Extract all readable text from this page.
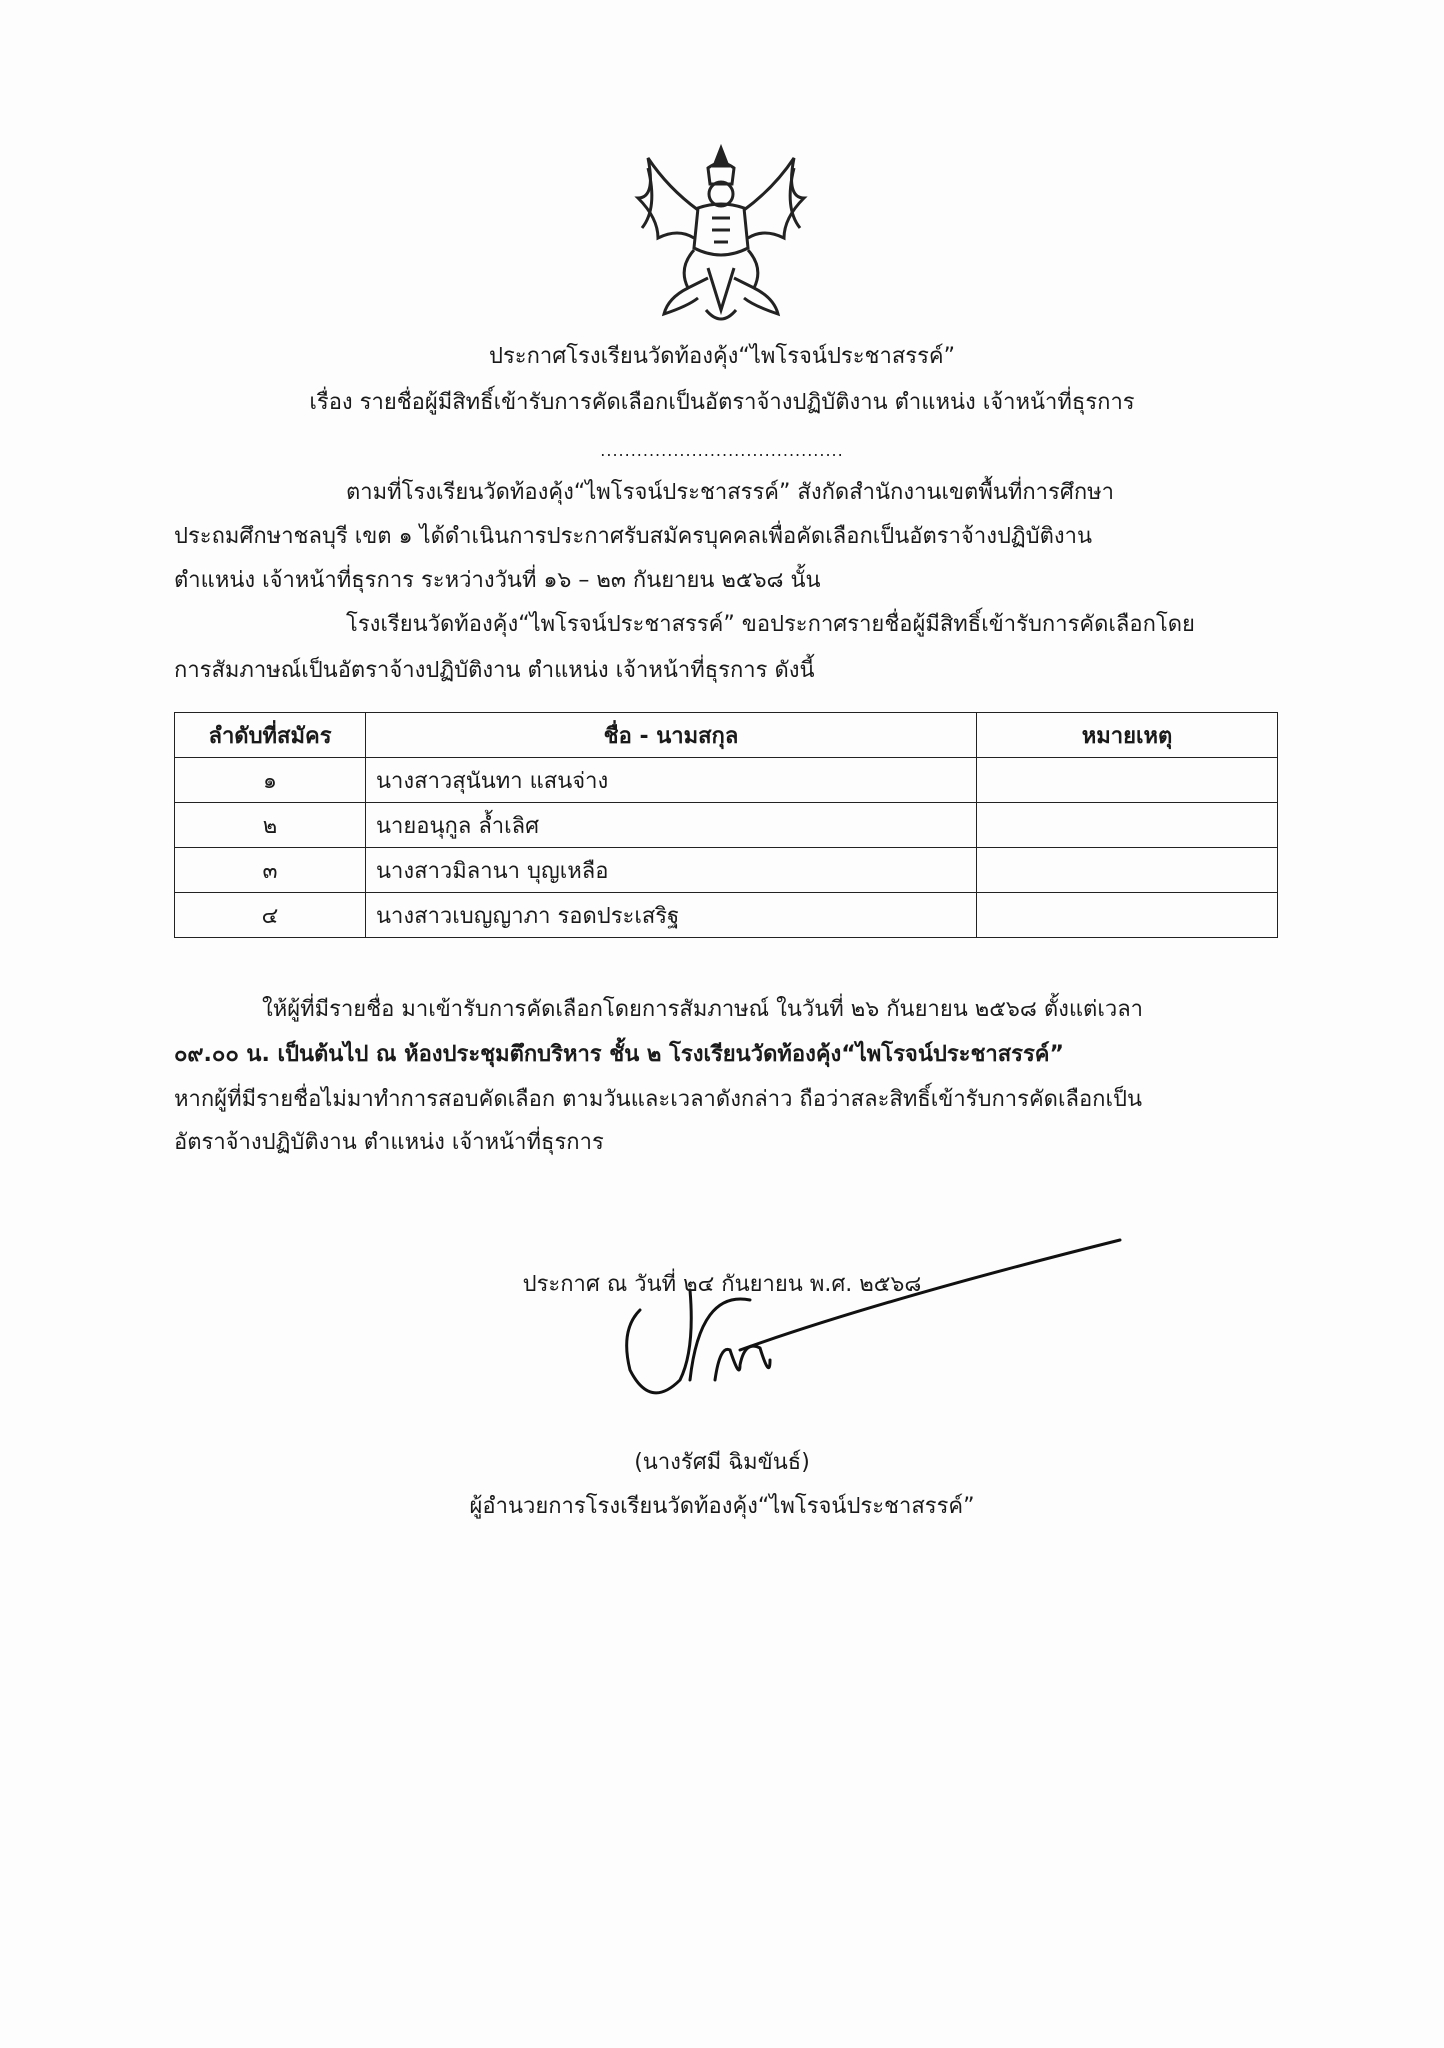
ประกาศโรงเรียนวัดท้องคุ้ง“ไพโรจน์ประชาสรรค์”
เรื่อง รายชื่อผู้มีสิทธิ์เข้ารับการคัดเลือกเป็นอัตราจ้างปฏิบัติงาน ตำแหน่ง เจ้าหน้าที่ธุรการ
........................................
ตามที่โรงเรียนวัดท้องคุ้ง“ไพโรจน์ประชาสรรค์” สังกัดสำนักงานเขตพื้นที่การศึกษา
ประถมศึกษาชลบุรี เขต ๑ ได้ดำเนินการประกาศรับสมัครบุคคลเพื่อคัดเลือกเป็นอัตราจ้างปฏิบัติงาน
ตำแหน่ง เจ้าหน้าที่ธุรการ ระหว่างวันที่ ๑๖ – ๒๓ กันยายน ๒๕๖๘ นั้น
โรงเรียนวัดท้องคุ้ง“ไพโรจน์ประชาสรรค์” ขอประกาศรายชื่อผู้มีสิทธิ์เข้ารับการคัดเลือกโดย
การสัมภาษณ์เป็นอัตราจ้างปฏิบัติงาน ตำแหน่ง เจ้าหน้าที่ธุรการ ดังนี้
ลำดับที่สมัคร	ชื่อ - นามสกุล	หมายเหตุ
๑	นางสาวสุนันทา แสนจ่าง	
๒	นายอนุกูล ล้ำเลิศ	
๓	นางสาวมิลานา บุญเหลือ	
๔	นางสาวเบญญาภา รอดประเสริฐ	
ให้ผู้ที่มีรายชื่อ มาเข้ารับการคัดเลือกโดยการสัมภาษณ์ ในวันที่ ๒๖ กันยายน ๒๕๖๘ ตั้งแต่เวลา
๐๙.๐๐ น. เป็นต้นไป ณ ห้องประชุมตึกบริหาร ชั้น ๒ โรงเรียนวัดท้องคุ้ง“ไพโรจน์ประชาสรรค์”
หากผู้ที่มีรายชื่อไม่มาทำการสอบคัดเลือก ตามวันและเวลาดังกล่าว ถือว่าสละสิทธิ์เข้ารับการคัดเลือกเป็น
อัตราจ้างปฏิบัติงาน ตำแหน่ง เจ้าหน้าที่ธุรการ
ประกาศ ณ วันที่ ๒๔ กันยายน พ.ศ. ๒๕๖๘
(นางรัศมี ฉิมขันธ์)
ผู้อำนวยการโรงเรียนวัดท้องคุ้ง“ไพโรจน์ประชาสรรค์”
